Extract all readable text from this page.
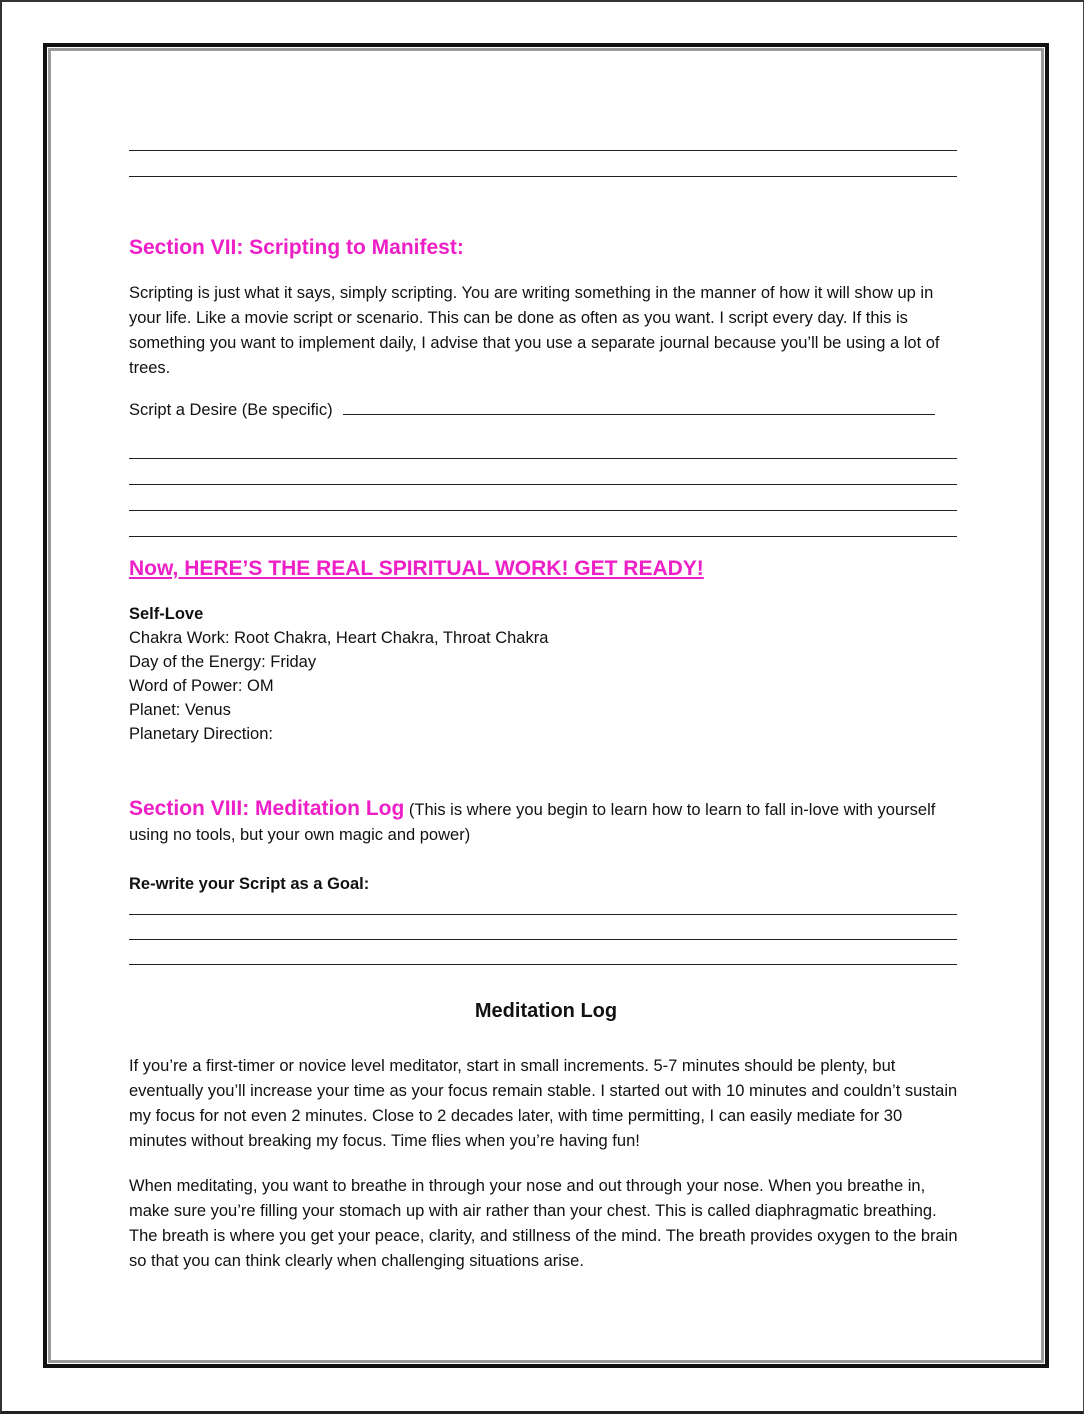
Section VII: Scripting to Manifest:

Scripting is just what it says, simply scripting. You are writing something in the manner of how it will show up in your life. Like a movie script or scenario. This can be done as often as you want. I script every day. If this is something you want to implement daily, I advise that you use a separate journal because you’ll be using a lot of trees.

Script a Desire (Be specific)
Now, HERE’S THE REAL SPIRITUAL WORK! GET READY!

Self-Love

Chakra Work: Root Chakra, Heart Chakra, Throat Chakra

Day of the Energy: Friday

Word of Power: OM

Planet: Venus

Planetary Direction:

Section VIII: Meditation Log (This is where you begin to learn how to learn to fall in-love with yourself using no tools, but your own magic and power)

Re-write your Script as a Goal:

Meditation Log

If you’re a first-timer or novice level meditator, start in small increments. 5-7 minutes should be plenty, but eventually you’ll increase your time as your focus remain stable. I started out with 10 minutes and couldn’t sustain my focus for not even 2 minutes. Close to 2 decades later, with time permitting, I can easily mediate for 30 minutes without breaking my focus. Time flies when you’re having fun!

When meditating, you want to breathe in through your nose and out through your nose. When you breathe in, make sure you’re filling your stomach up with air rather than your chest. This is called diaphragmatic breathing. The breath is where you get your peace, clarity, and stillness of the mind. The breath provides oxygen to the brain so that you can think clearly when challenging situations arise.
